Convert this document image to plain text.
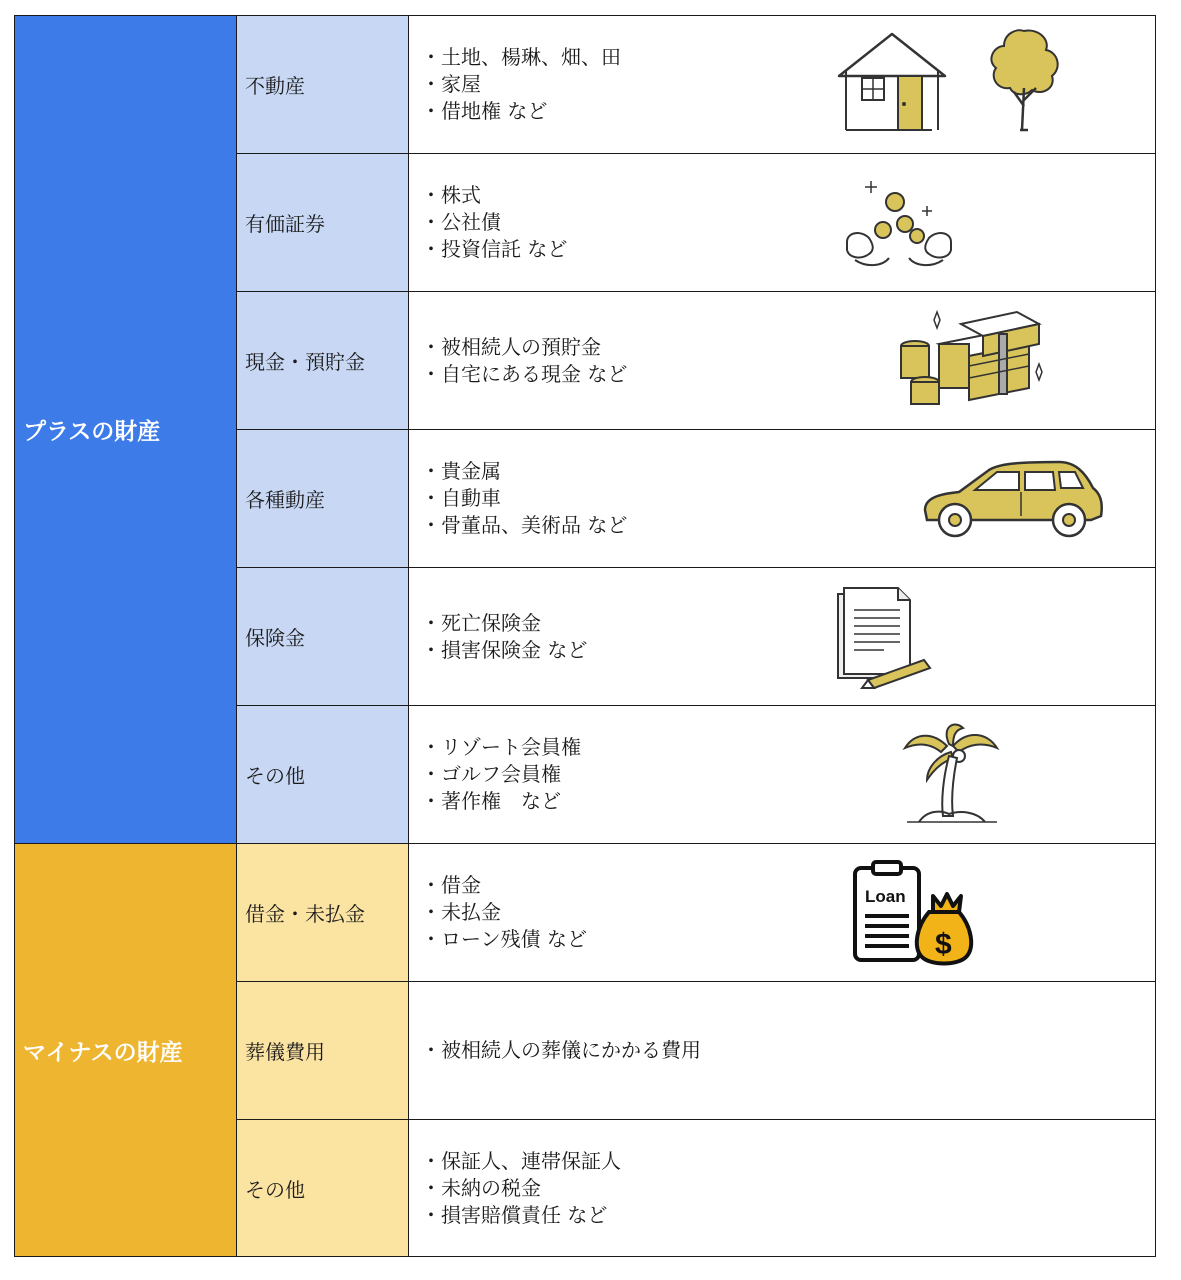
プラスの財産
マイナスの財産
不動産
・ 土地、楊琳、畑、田
・ 家屋
・ 借地権 など
有価証券
・ 株式
・ 公社債
・ 投資信託 など
現金・預貯金
・ 被相続人の預貯金
・ 自宅にある現金 など
各種動産
・ 貴金属
・ 自動車
・ 骨董品、美術品 など
保険金
・ 死亡保険金
・ 損害保険金 など
その他
・ リゾート会員権
・ ゴルフ会員権
・ 著作権　など
借金・未払金
・ 借金
・ 未払金
・ ローン残債 など
Loan
$
葬儀費用
・	被相続人の葬儀にかかる費用
その他
・ 保証人、連帯保証人
・ 未納の税金
・ 損害賠償責任 など
